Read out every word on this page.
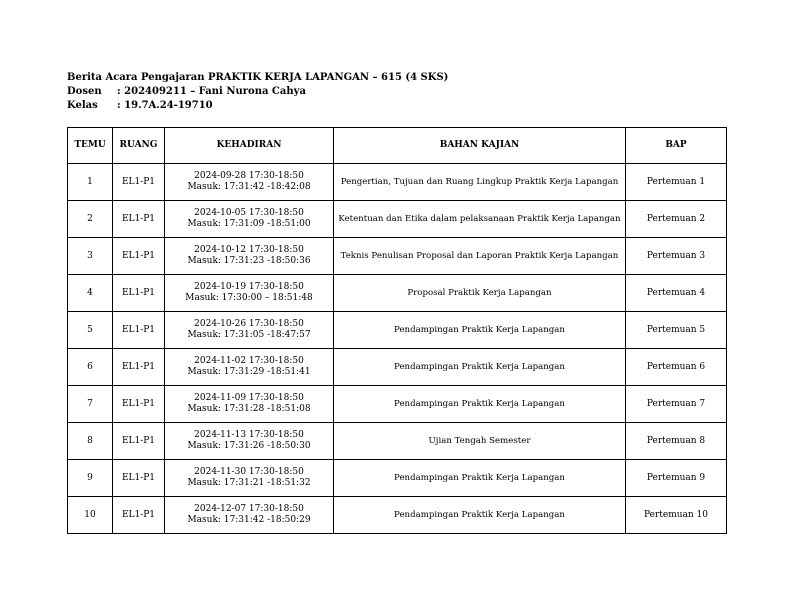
Berita Acara Pengajaran PRAKTIK KERJA LAPANGAN – 615 (4 SKS)
Dosen	: 202409211 – Fani Nurona Cahya
Kelas	: 19.7A.24-19710
TEMU	RUANG	KEHADIRAN	BAHAN KAJIAN	BAP
1	EL1-P1	2024-09-28 17:30-18:50
Masuk: 17:31:42 -18:42:08	Pengertian, Tujuan dan Ruang Lingkup Praktik Kerja Lapangan	Pertemuan 1
2	EL1-P1	2024-10-05 17:30-18:50
Masuk: 17:31:09 -18:51:00	Ketentuan dan Etika dalam pelaksanaan Praktik Kerja Lapangan	Pertemuan 2
3	EL1-P1	2024-10-12 17:30-18:50
Masuk: 17:31:23 -18:50:36	Teknis Penulisan Proposal dan Laporan Praktik Kerja Lapangan	Pertemuan 3
4	EL1-P1	2024-10-19 17:30-18:50
Masuk: 17:30:00 – 18:51:48	Proposal Praktik Kerja Lapangan	Pertemuan 4
5	EL1-P1	2024-10-26 17:30-18:50
Masuk: 17:31:05 -18:47:57	Pendampingan Praktik Kerja Lapangan	Pertemuan 5
6	EL1-P1	2024-11-02 17:30-18:50
Masuk: 17:31:29 -18:51:41	Pendampingan Praktik Kerja Lapangan	Pertemuan 6
7	EL1-P1	2024-11-09 17:30-18:50
Masuk: 17:31:28 -18:51:08	Pendampingan Praktik Kerja Lapangan	Pertemuan 7
8	EL1-P1	2024-11-13 17:30-18:50
Masuk: 17:31:26 -18:50:30	Ujian Tengah Semester	Pertemuan 8
9	EL1-P1	2024-11-30 17:30-18:50
Masuk: 17:31:21 -18:51:32	Pendampingan Praktik Kerja Lapangan	Pertemuan 9
10	EL1-P1	2024-12-07 17:30-18:50
Masuk: 17:31:42 -18:50:29	Pendampingan Praktik Kerja Lapangan	Pertemuan 10
